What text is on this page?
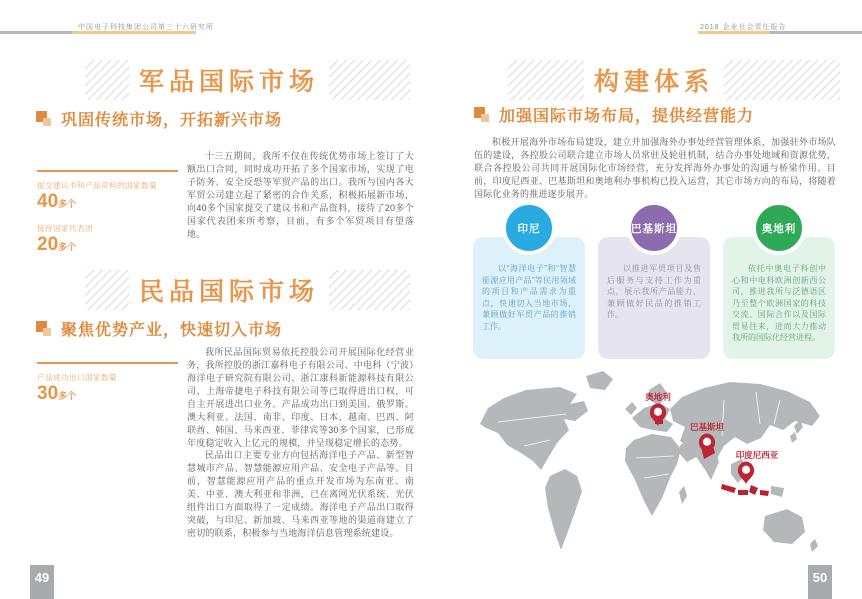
中国电子科技集团公司第三十六研究所	2018 企业社会责任报告
军品国际市场
巩固传统市场，开拓新兴市场
提交建议书和产品资料的国家数量
40多个
接待国家代表团
20多个

十三五期间，我所不仅在传统优势市场上签订了大额出口合同，同时成功开拓了多个国家市场，实现了电子防务、安全反恐等军贸产品的出口。我所与国内各大军贸公司建立起了紧密的合作关系，积极拓展新市场，向40多个国家提交了建议书和产品资料，接待了20多个国家代表团来所考察，目前，有多个军贸项目有望落地。

民品国际市场
聚焦优势产业，快速切入市场
产品成功出口国家数量
30多个

我所民品国际贸易依托控股公司开展国际化经营业务，我所控股的浙江嘉科电子有限公司、中电科（宁波）海洋电子研究院有限公司、浙江康科新能源科技有限公司、上海帝捷电子科技有限公司等已取得进出口权，可自主开展进出口业务。产品成功出口到美国、俄罗斯、澳大利亚、法国、南非、印度、日本、越南、巴西、阿联酋、韩国、马来西亚、菲律宾等30多个国家，已形成年度稳定收入上亿元的规模，并呈现稳定增长的态势。

民品出口主要专业方向包括海洋电子产品、新型智慧城市产品、智慧能源应用产品、安全电子产品等。目前，智慧能源应用产品的重点开发市场为东南亚、南美、中亚、澳大利亚和非洲，已在离网光伏系统、光伏组件出口方面取得了一定成绩。海洋电子产品出口取得突破，与印尼、新加坡、马来西亚等地的渠道商建立了密切的联系，积极参与当地海洋信息管理系统建设。

构建体系
加强国际市场布局，提供经营能力

积极开展海外市场布局建设，建立并加强海外办事处经营管理体系，加强驻外市场队伍的建设，各控股公司联合建立市场人员常驻及轮驻机制，结合办事处地域和资源优势，联合各控股公司共同开展国际化市场经营，充分发挥海外办事处的沟通与桥梁作用。目前，印度尼西亚、巴基斯坦和奥地利办事机构已投入运营，其它市场方向的布局，将随着国际化业务的推进逐步展开。

印尼

以“海洋电子”和“智慧能源应用产品”等民用领域的项目和产品需求为重点，快速切入当地市场，兼顾做好军贸产品的推销工作。

巴基斯坦

以推进军贸项目及售后服务与支持工作为重点，展示我所产品能力，兼顾做好民品的推销工作。

奥地利

依托中奥电子科创中心和中电科欧洲创新西公司，推进我所与泛德语区乃至整个欧洲国家的科技交流、国际合作以及国际贸易往来，进而大力推动我所的国际化经营进程。

奥地利
巴基斯坦
印度尼西亚
49	50
